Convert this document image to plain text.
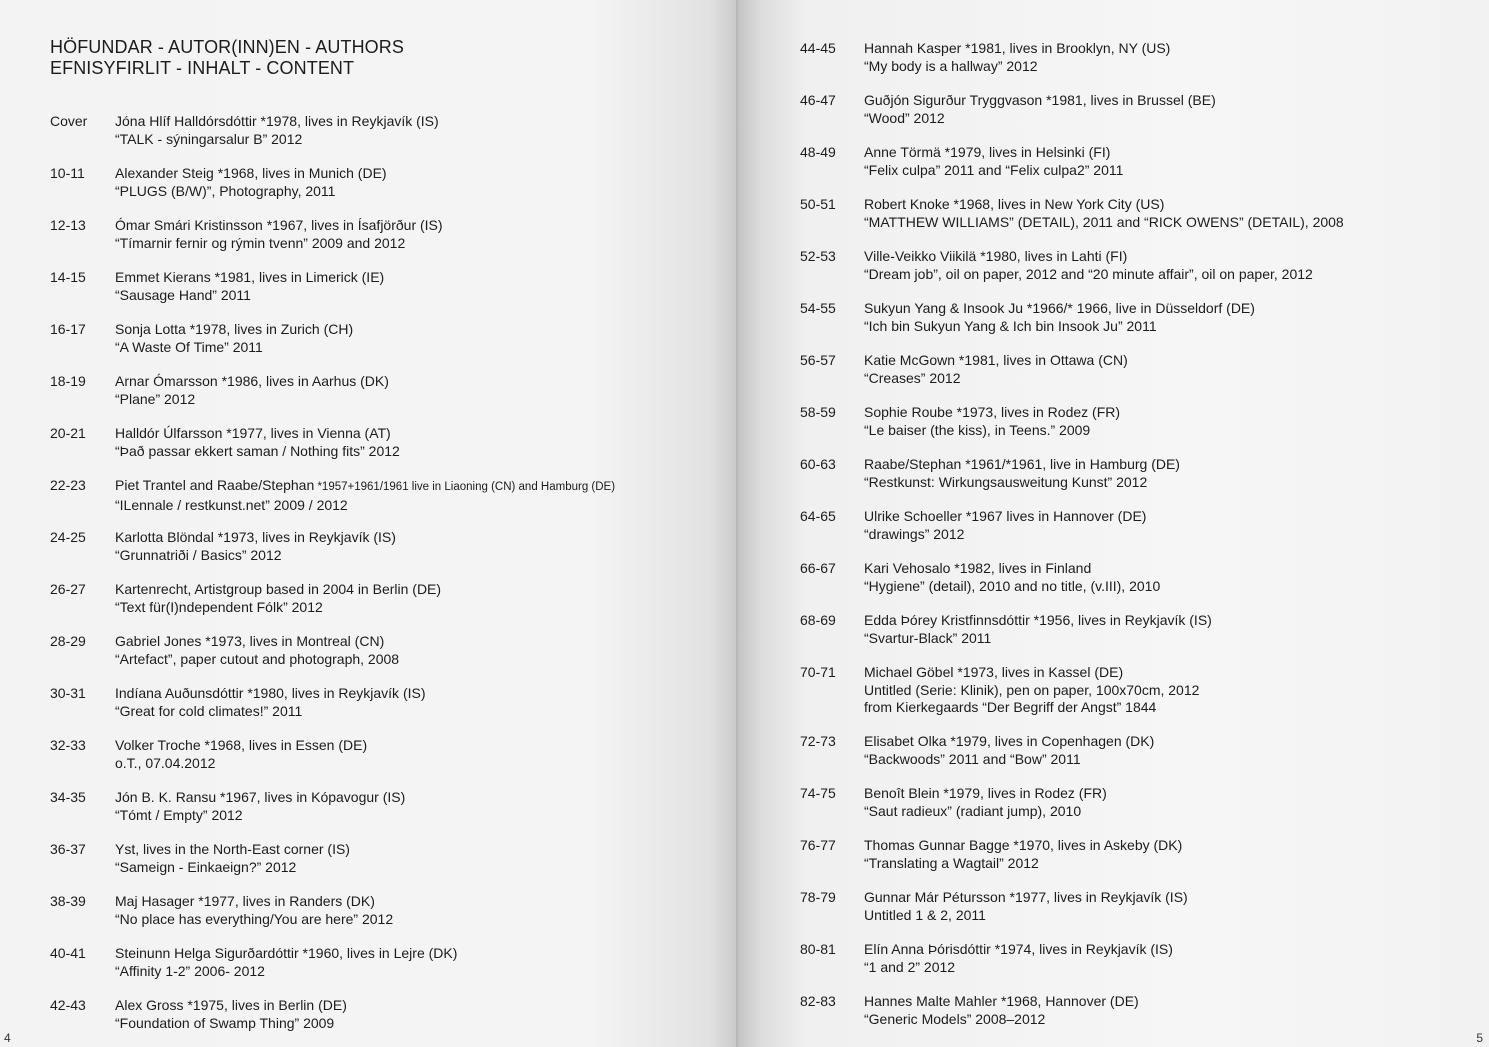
HÖFUNDAR - AUTOR(INN)EN - AUTHORS
EFNISYFIRLIT - INHALT - CONTENT
Cover Jóna Hlíf Halldórsdóttir *1978, lives in Reykjavík (IS)
“TALK - sýningarsalur B” 2012
10-11 Alexander Steig *1968, lives in Munich (DE)
“PLUGS (B/W)”, Photography, 2011
12-13 Ómar Smári Kristinsson *1967, lives in Ísafjörður (IS)
“Tímarnir fernir og rýmin tvenn” 2009 and 2012
14-15 Emmet Kierans *1981, lives in Limerick (IE)
“Sausage Hand” 2011
16-17 Sonja Lotta *1978, lives in Zurich (CH)
“A Waste Of Time” 2011
18-19 Arnar Ómarsson *1986, lives in Aarhus (DK)
“Plane” 2012
20-21 Halldór Úlfarsson *1977, lives in Vienna (AT)
“Það passar ekkert saman / Nothing fits” 2012
22-23 Piet Trantel and Raabe/Stephan *1957+1961/1961 live in Liaoning (CN) and Hamburg (DE)
“ILennale / restkunst.net” 2009 / 2012
24-25 Karlotta Blöndal *1973, lives in Reykjavík (IS)
“Grunnatriði / Basics” 2012
26-27 Kartenrecht, Artistgroup based in 2004 in Berlin (DE)
“Text für(I)ndependent Fólk” 2012
28-29 Gabriel Jones *1973, lives in Montreal (CN)
“Artefact”, paper cutout and photograph, 2008
30-31 Indíana Auðunsdóttir *1980, lives in Reykjavík (IS)
“Great for cold climates!” 2011
32-33 Volker Troche *1968, lives in Essen (DE)
o.T., 07.04.2012
34-35 Jón B. K. Ransu *1967, lives in Kópavogur (IS)
“Tómt / Empty” 2012
36-37 Yst, lives in the North-East corner (IS)
“Sameign - Einkaeign?” 2012
38-39 Maj Hasager *1977, lives in Randers (DK)
“No place has everything/You are here” 2012
40-41 Steinunn Helga Sigurðardóttir *1960, lives in Lejre (DK)
“Affinity 1-2” 2006- 2012
42-43 Alex Gross *1975, lives in Berlin (DE)
“Foundation of Swamp Thing” 2009
4
44-45 Hannah Kasper *1981, lives in Brooklyn, NY (US)
“My body is a hallway” 2012
46-47 Guðjón Sigurður Tryggvason *1981, lives in Brussel (BE)
“Wood” 2012
48-49 Anne Törmä *1979, lives in Helsinki (FI)
“Felix culpa” 2011 and “Felix culpa2” 2011
50-51 Robert Knoke *1968, lives in New York City (US)
“MATTHEW WILLIAMS” (DETAIL), 2011 and “RICK OWENS” (DETAIL), 2008
52-53 Ville-Veikko Viikilä *1980, lives in Lahti (FI)
“Dream job”, oil on paper, 2012 and “20 minute affair”, oil on paper, 2012
54-55 Sukyun Yang & Insook Ju *1966/* 1966, live in Düsseldorf (DE)
“Ich bin Sukyun Yang & Ich bin Insook Ju” 2011
56-57 Katie McGown *1981, lives in Ottawa (CN)
“Creases” 2012
58-59 Sophie Roube *1973, lives in Rodez (FR)
“Le baiser (the kiss), in Teens.” 2009
60-63 Raabe/Stephan *1961/*1961, live in Hamburg (DE)
“Restkunst: Wirkungsausweitung Kunst” 2012
64-65 Ulrike Schoeller *1967 lives in Hannover (DE)
“drawings” 2012
66-67 Kari Vehosalo *1982, lives in Finland
“Hygiene” (detail), 2010 and no title, (v.III), 2010
68-69 Edda Þórey Kristfinnsdóttir *1956, lives in Reykjavík (IS)
“Svartur-Black” 2011
70-71 Michael Göbel *1973, lives in Kassel (DE)
Untitled (Serie: Klinik), pen on paper, 100x70cm, 2012
from Kierkegaards “Der Begriff der Angst” 1844
72-73 Elisabet Olka *1979, lives in Copenhagen (DK)
“Backwoods” 2011 and “Bow” 2011
74-75 Benoît Blein *1979, lives in Rodez (FR)
“Saut radieux” (radiant jump), 2010
76-77 Thomas Gunnar Bagge *1970, lives in Askeby (DK)
“Translating a Wagtail” 2012
78-79 Gunnar Már Pétursson *1977, lives in Reykjavík (IS)
Untitled 1 & 2, 2011
80-81 Elín Anna Þórisdóttir *1974, lives in Reykjavík (IS)
“1 and 2” 2012
82-83 Hannes Malte Mahler *1968, Hannover (DE)
“Generic Models” 2008–2012
5
